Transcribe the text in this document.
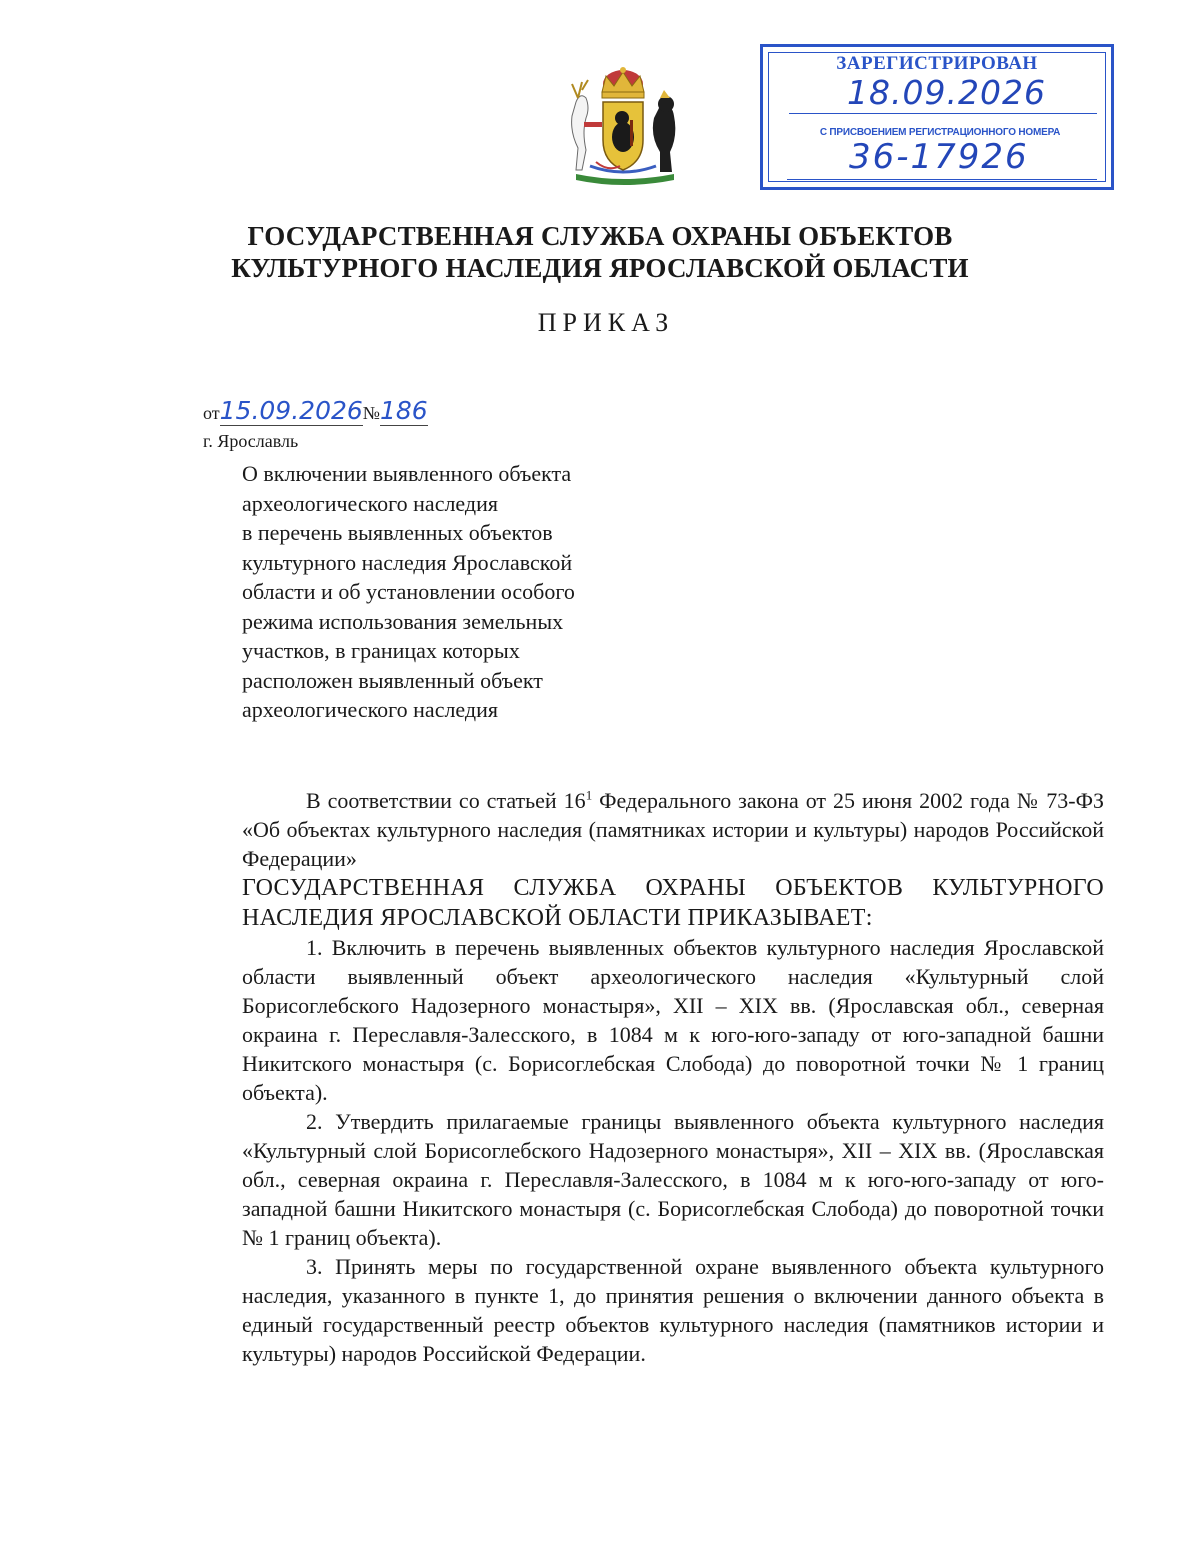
ЗАРЕГИСТРИРОВАН
18.09.2026
С ПРИСВОЕНИЕМ РЕГИСТРАЦИОННОГО НОМЕРА
36-17926
ГОСУДАРСТВЕННАЯ СЛУЖБА ОХРАНЫ ОБЪЕКТОВ
КУЛЬТУРНОГО НАСЛЕДИЯ ЯРОСЛАВСКОЙ ОБЛАСТИ
ПРИКАЗ
от15.09.2026№186
г. Ярославль
О включении выявленного объекта
археологического наследия
в перечень выявленных объектов
культурного наследия Ярославской
области и об установлении особого
режима использования земельных
участков, в границах которых
расположен выявленный объект
археологического наследия
В соответствии со статьей $16^1$ Федерального закона от 25 июня 2002 года № 73-ФЗ «Об объектах культурного наследия (памятниках истории и культуры) народов Российской Федерации»
ГОСУДАРСТВЕННАЯ СЛУЖБА ОХРАНЫ ОБЪЕКТОВ КУЛЬТУРНОГО НАСЛЕДИЯ ЯРОСЛАВСКОЙ ОБЛАСТИ ПРИКАЗЫВАЕТ:
1. Включить в перечень выявленных объектов культурного наследия Ярославской области выявленный объект археологического наследия «Культурный слой Борисоглебского Надозерного монастыря», XII – XIX вв. (Ярославская обл., северная окраина г. Переславля-Залесского, в 1084 м к юго-юго-западу от юго-западной башни Никитского монастыря (с. Борисоглебская Слобода) до поворотной точки № 1 границ объекта).
2. Утвердить прилагаемые границы выявленного объекта культурного наследия «Культурный слой Борисоглебского Надозерного монастыря», XII – XIX вв. (Ярославская обл., северная окраина г. Переславля-Залесского, в 1084 м к юго-юго-западу от юго-западной башни Никитского монастыря (с. Борисоглебская Слобода) до поворотной точки № 1 границ объекта).
3. Принять меры по государственной охране выявленного объекта культурного наследия, указанного в пункте 1, до принятия решения о включении данного объекта в единый государственный реестр объектов культурного наследия (памятников истории и культуры) народов Российской Федерации.
